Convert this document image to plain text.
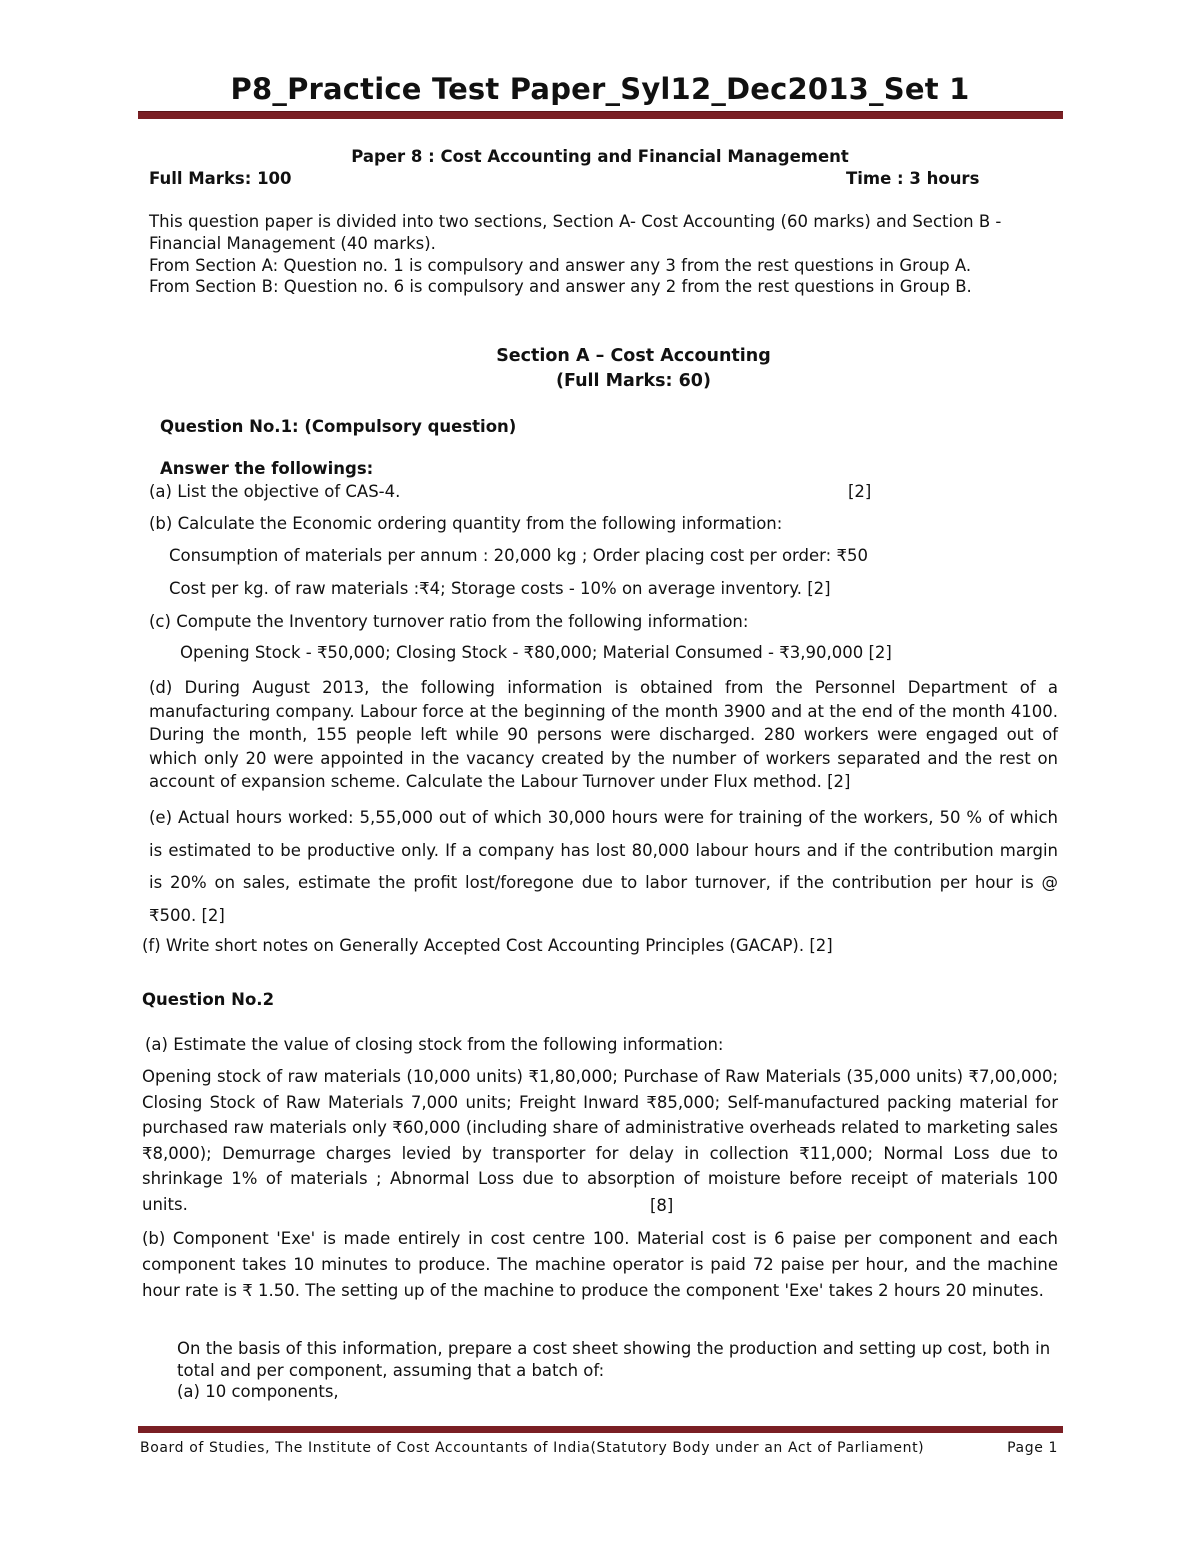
P8_Practice Test Paper_Syl12_Dec2013_Set 1
Paper 8 : Cost Accounting and Financial Management
Full Marks: 100	Time : 3 hours
This question paper is divided into two sections, Section A- Cost Accounting (60 marks) and Section B - Financial Management (40 marks).
From Section A: Question no. 1 is compulsory and answer any 3 from the rest questions in Group A.
From Section B: Question no. 6 is compulsory and answer any 2 from the rest questions in Group B.
Section A – Cost Accounting
(Full Marks: 60)
Question No.1: (Compulsory question)
Answer the followings:
(a) List the objective of CAS-4.	[2]
(b) Calculate the Economic ordering quantity from the following information:
Consumption of materials per annum : 20,000 kg ; Order placing cost per order: ₹50
Cost per kg. of raw materials :₹4; Storage costs - 10% on average inventory. [2]
(c) Compute the Inventory turnover ratio from the following information:
Opening Stock - ₹50,000; Closing Stock - ₹80,000; Material Consumed - ₹3,90,000 [2]
(d) During August 2013, the following information is obtained from the Personnel Department of a manufacturing company. Labour force at the beginning of the month 3900 and at the end of the month 4100. During the month, 155 people left while 90 persons were discharged. 280 workers were engaged out of which only 20 were appointed in the vacancy created by the number of workers separated and the rest on account of expansion scheme. Calculate the Labour Turnover under Flux method. [2]
(e) Actual hours worked: 5,55,000 out of which 30,000 hours were for training of the workers, 50 % of which is estimated to be productive only. If a company has lost 80,000 labour hours and if the contribution margin is 20% on sales, estimate the profit lost/foregone due to labor turnover, if the contribution per hour is @ ₹500. [2]
(f) Write short notes on Generally Accepted Cost Accounting Principles (GACAP). [2]
Question No.2
(a) Estimate the value of closing stock from the following information:
Opening stock of raw materials (10,000 units) ₹1,80,000; Purchase of Raw Materials (35,000 units) ₹7,00,000; Closing Stock of Raw Materials 7,000 units; Freight Inward ₹85,000; Self-manufactured packing material for purchased raw materials only ₹60,000 (including share of administrative overheads related to marketing sales ₹8,000); Demurrage charges levied by transporter for delay in collection ₹11,000; Normal Loss due to shrinkage 1% of materials ; Abnormal Loss due to absorption of moisture before receipt of materials 100 units.	[8]
(b) Component 'Exe' is made entirely in cost centre 100. Material cost is 6 paise per component and each component takes 10 minutes to produce. The machine operator is paid 72 paise per hour, and the machine hour rate is ₹ 1.50. The setting up of the machine to produce the component 'Exe' takes 2 hours 20 minutes.
On the basis of this information, prepare a cost sheet showing the production and setting up cost, both in total and per component, assuming that a batch of:
(a) 10 components,
Board of Studies, The Institute of Cost Accountants of India(Statutory Body under an Act of Parliament)	Page 1
